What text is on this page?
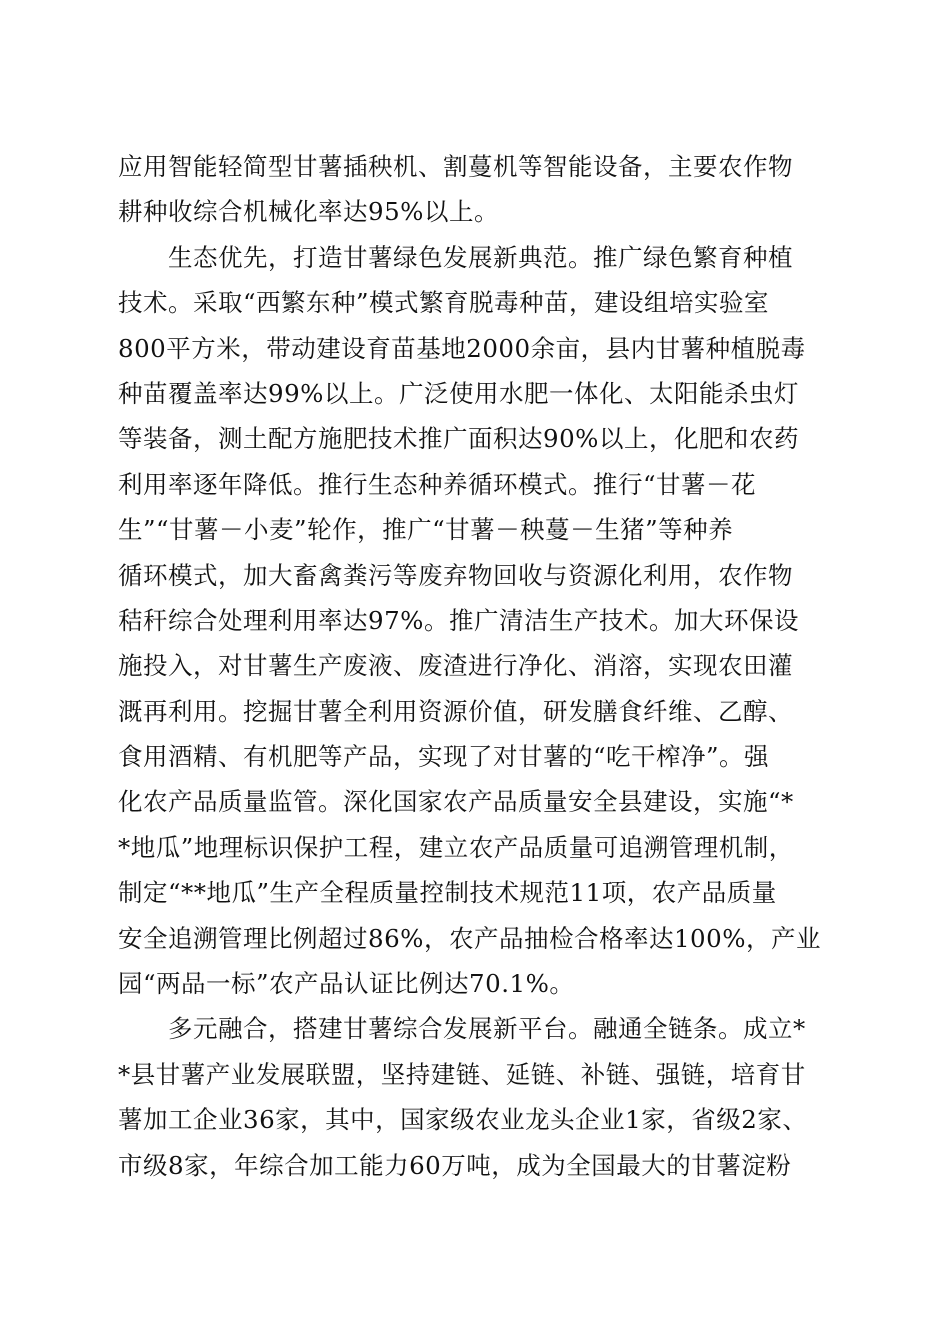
应用智能轻简型甘薯插秧机、割蔓机等智能设备，主要农作物
耕种收综合机械化率达95%以上。
生态优先，打造甘薯绿色发展新典范。推广绿色繁育种植
技术。采取“西繁东种”模式繁育脱毒种苗，建设组培实验室
800平方米，带动建设育苗基地2000余亩，县内甘薯种植脱毒
种苗覆盖率达99%以上。广泛使用水肥一体化、太阳能杀虫灯
等装备，测土配方施肥技术推广面积达90%以上，化肥和农药
利用率逐年降低。推行生态种养循环模式。推行“甘薯－花
生”“甘薯－小麦”轮作，推广“甘薯－秧蔓－生猪”等种养
循环模式，加大畜禽粪污等废弃物回收与资源化利用，农作物
秸秆综合处理利用率达97%。推广清洁生产技术。加大环保设
施投入，对甘薯生产废液、废渣进行净化、消溶，实现农田灌
溉再利用。挖掘甘薯全利用资源价值，研发膳食纤维、乙醇、
食用酒精、有机肥等产品，实现了对甘薯的“吃干榨净”。强
化农产品质量监管。深化国家农产品质量安全县建设，实施“*
*地瓜”地理标识保护工程，建立农产品质量可追溯管理机制，
制定“**地瓜”生产全程质量控制技术规范11项，农产品质量
安全追溯管理比例超过86%，农产品抽检合格率达100%，产业
园“两品一标”农产品认证比例达70.1%。
多元融合，搭建甘薯综合发展新平台。融通全链条。成立*
*县甘薯产业发展联盟，坚持建链、延链、补链、强链，培育甘
薯加工企业36家，其中，国家级农业龙头企业1家，省级2家、
市级8家，年综合加工能力60万吨，成为全国最大的甘薯淀粉
